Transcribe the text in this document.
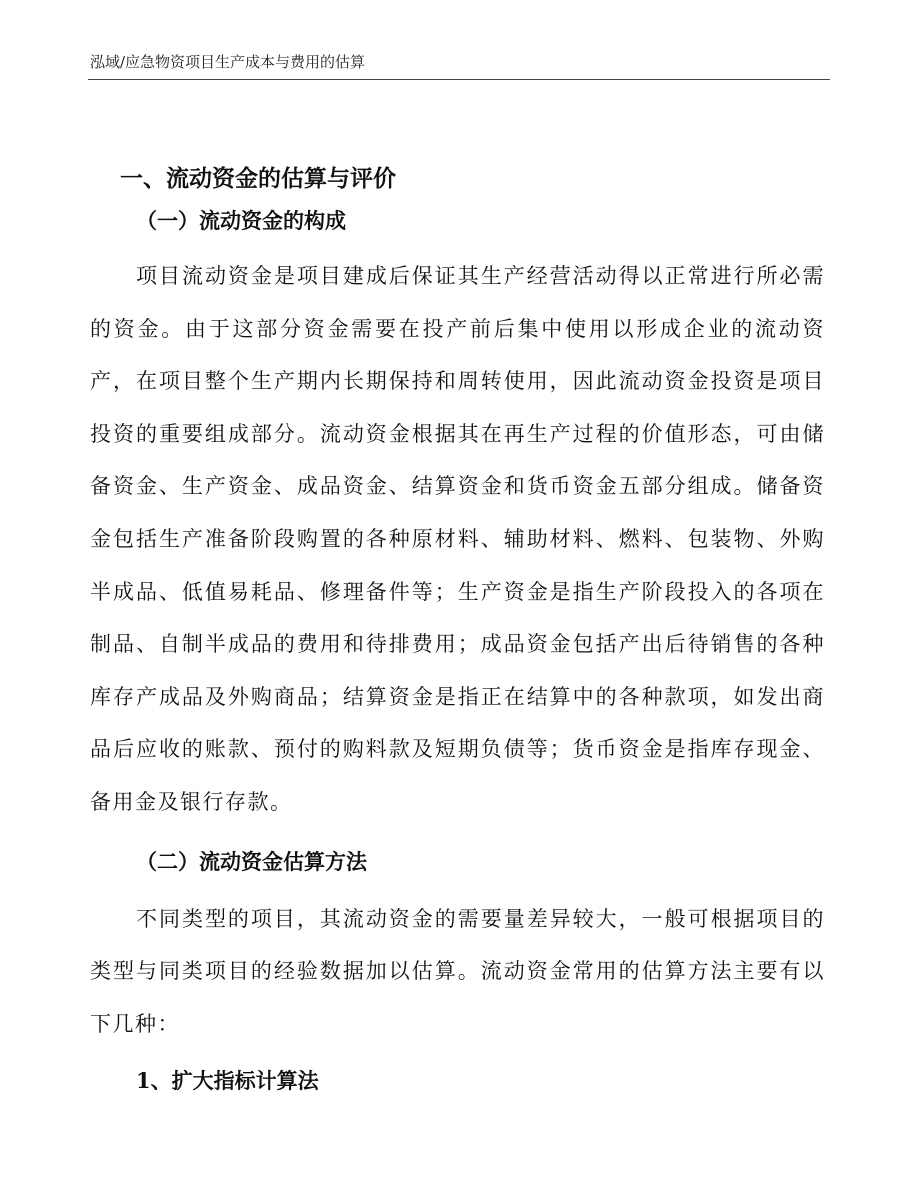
泓域/应急物资项目生产成本与费用的估算
一、流动资金的估算与评价
（一）流动资金的构成

项目流动资金是项目建成后保证其生产经营活动得以正常进行所必需的资金。由于这部分资金需要在投产前后集中使用以形成企业的流动资产，在项目整个生产期内长期保持和周转使用，因此流动资金投资是项目投资的重要组成部分。流动资金根据其在再生产过程的价值形态，可由储备资金、生产资金、成品资金、结算资金和货币资金五部分组成。储备资金包括生产准备阶段购置的各种原材料、辅助材料、燃料、包装物、外购半成品、低值易耗品、修理备件等；生产资金是指生产阶段投入的各项在制品、自制半成品的费用和待排费用；成品资金包括产出后待销售的各种库存产成品及外购商品；结算资金是指正在结算中的各种款项，如发出商品后应收的账款、预付的购料款及短期负债等；货币资金是指库存现金、备用金及银行存款。

（二）流动资金估算方法

不同类型的项目，其流动资金的需要量差异较大，一般可根据项目的类型与同类项目的经验数据加以估算。流动资金常用的估算方法主要有以下几种：

1、扩大指标计算法
